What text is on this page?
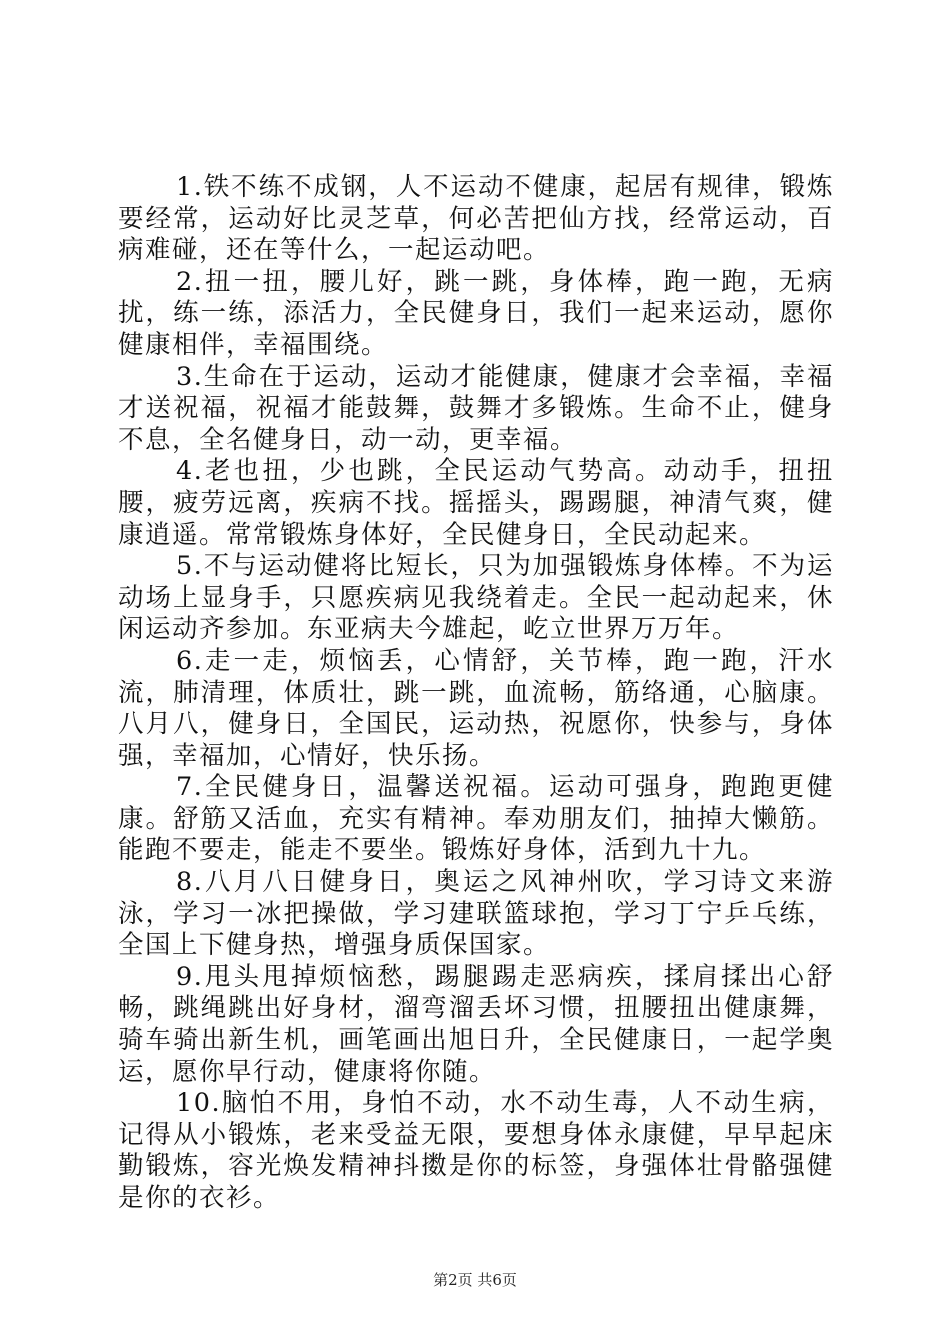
1.铁不练不成钢，人不运动不健康，起居有规律，锻炼要经常，运动好比灵芝草，何必苦把仙方找，经常运动，百病难碰，还在等什么，一起运动吧。

2.扭一扭，腰儿好，跳一跳，身体棒，跑一跑，无病扰，练一练，添活力，全民健身日，我们一起来运动，愿你健康相伴，幸福围绕。

3.生命在于运动，运动才能健康，健康才会幸福，幸福才送祝福，祝福才能鼓舞，鼓舞才多锻炼。生命不止，健身不息，全名健身日，动一动，更幸福。

4.老也扭，少也跳，全民运动气势高。动动手，扭扭腰，疲劳远离，疾病不找。摇摇头，踢踢腿，神清气爽，健康逍遥。常常锻炼身体好，全民健身日，全民动起来。

5.不与运动健将比短长，只为加强锻炼身体棒。不为运动场上显身手，只愿疾病见我绕着走。全民一起动起来，休闲运动齐参加。东亚病夫今雄起，屹立世界万万年。

6.走一走，烦恼丢，心情舒，关节棒，跑一跑，汗水流，肺清理，体质壮，跳一跳，血流畅，筋络通，心脑康。八月八，健身日，全国民，运动热，祝愿你，快参与，身体强，幸福加，心情好，快乐扬。

7.全民健身日，温馨送祝福。运动可强身，跑跑更健康。舒筋又活血，充实有精神。奉劝朋友们，抽掉大懒筋。能跑不要走，能走不要坐。锻炼好身体，活到九十九。

8.八月八日健身日，奥运之风神州吹，学习诗文来游泳，学习一冰把操做，学习建联篮球抱，学习丁宁乒乓练，全国上下健身热，增强身质保国家。

9.甩头甩掉烦恼愁，踢腿踢走恶病疾，揉肩揉出心舒畅，跳绳跳出好身材，溜弯溜丢坏习惯，扭腰扭出健康舞，骑车骑出新生机，画笔画出旭日升，全民健康日，一起学奥运，愿你早行动，健康将你随。

10.脑怕不用，身怕不动，水不动生毒，人不动生病，记得从小锻炼，老来受益无限，要想身体永康健，早早起床勤锻炼，容光焕发精神抖擞是你的标签，身强体壮骨骼强健是你的衣衫。

第2页 共6页
